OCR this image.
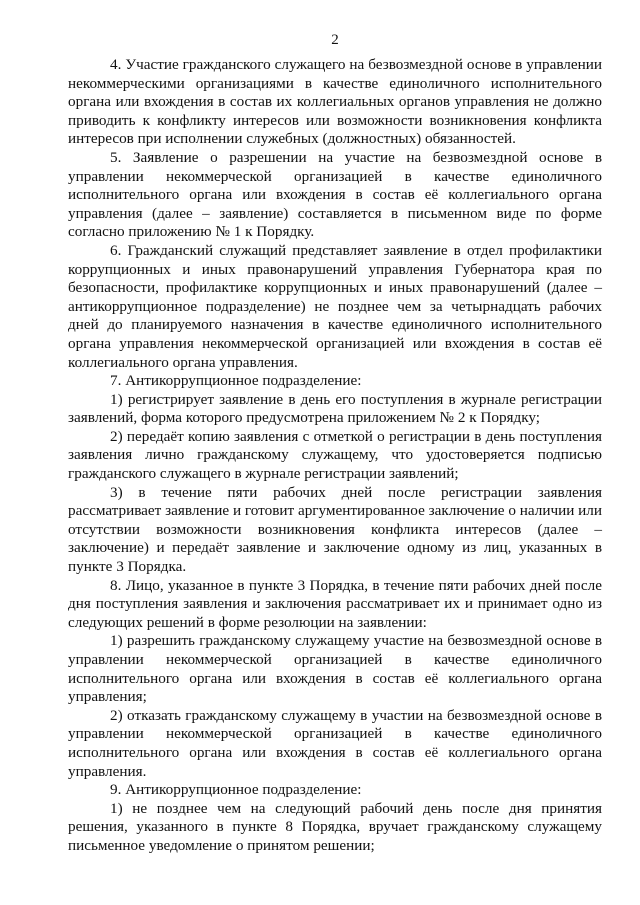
2

4. Участие гражданского служащего на безвозмездной основе в управлении некоммерческими организациями в качестве единоличного исполнительного органа или вхождения в состав их коллегиальных органов управления не должно приводить к конфликту интересов или возможности возникновения конфликта интересов при исполнении служебных (должностных) обязанностей.

5. Заявление о разрешении на участие на безвозмездной основе в управлении некоммерческой организацией в качестве единоличного исполнительного органа или вхождения в состав её коллегиального органа управления (далее – заявление) составляется в письменном виде по форме согласно приложению № 1 к Порядку.

6. Гражданский служащий представляет заявление в отдел профилактики коррупционных и иных правонарушений управления Губернатора края по безопасности, профилактике коррупционных и иных правонарушений (далее – антикоррупционное подразделение) не позднее чем за четырнадцать рабочих дней до планируемого назначения в качестве единоличного исполнительного органа управления некоммерческой организацией или вхождения в состав её коллегиального органа управления.

7. Антикоррупционное подразделение:

1) регистрирует заявление в день его поступления в журнале регистрации заявлений, форма которого предусмотрена приложением № 2 к Порядку;

2) передаёт копию заявления с отметкой о регистрации в день поступления заявления лично гражданскому служащему, что удостоверяется подписью гражданского служащего в журнале регистрации заявлений;

3) в течение пяти рабочих дней после регистрации заявления рассматривает заявление и готовит аргументированное заключение о наличии или отсутствии возможности возникновения конфликта интересов (далее – заключение) и передаёт заявление и заключение одному из лиц, указанных в пункте 3 Порядка.

8. Лицо, указанное в пункте 3 Порядка, в течение пяти рабочих дней после дня поступления заявления и заключения рассматривает их и принимает одно из следующих решений в форме резолюции на заявлении:

1) разрешить гражданскому служащему участие на безвозмездной основе в управлении некоммерческой организацией в качестве единоличного исполнительного органа или вхождения в состав её коллегиального органа управления;

2) отказать гражданскому служащему в участии на безвозмездной основе в управлении некоммерческой организацией в качестве единоличного исполнительного органа или вхождения в состав её коллегиального органа управления.

9. Антикоррупционное подразделение:

1) не позднее чем на следующий рабочий день после дня принятия решения, указанного в пункте 8 Порядка, вручает гражданскому служащему письменное уведомление о принятом решении;
